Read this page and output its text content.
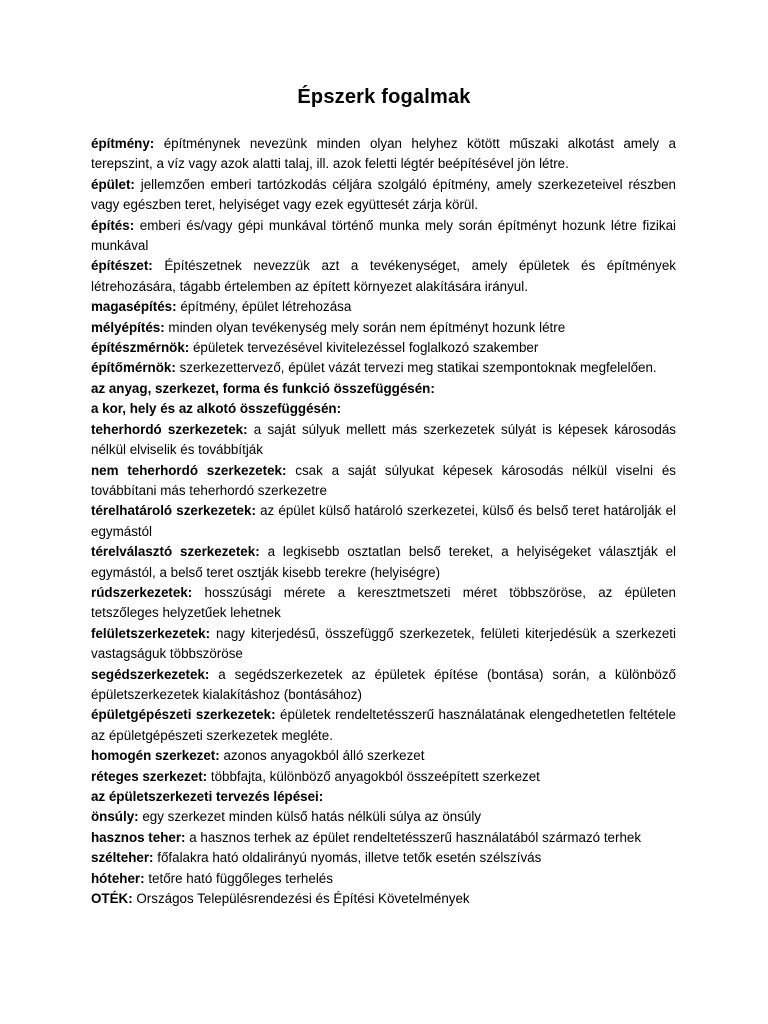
Épszerk fogalmak

építmény: építménynek nevezünk minden olyan helyhez kötött műszaki alkotást amely a terepszint, a víz vagy azok alatti talaj, ill. azok feletti légtér beépítésével jön létre.

épület: jellemzően emberi tartózkodás céljára szolgáló építmény, amely szerkezeteivel részben vagy egészben teret, helyiséget vagy ezek együttesét zárja körül.

építés: emberi és/vagy gépi munkával történő munka mely során építményt hozunk létre fizikai munkával

építészet: Építészetnek nevezzük azt a tevékenységet, amely épületek és építmények létrehozására, tágabb értelemben az épített környezet alakítására irányul.

magasépítés: építmény, épület létrehozása

mélyépítés: minden olyan tevékenység mely során nem építményt hozunk létre

építészmérnök: épületek tervezésével kivitelezéssel foglalkozó szakember

építőmérnök: szerkezettervező, épület vázát tervezi meg statikai szempontoknak megfelelően.

az anyag, szerkezet, forma és funkció összefüggésén:

a kor, hely és az alkotó összefüggésén:

teherhordó szerkezetek: a saját súlyuk mellett más szerkezetek súlyát is képesek károsodás nélkül elviselik és továbbítják

nem teherhordó szerkezetek: csak a saját súlyukat képesek károsodás nélkül viselni és továbbítani más teherhordó szerkezetre

térelhatároló szerkezetek: az épület külső határoló szerkezetei, külső és belső teret határolják el egymástól

térelválasztó szerkezetek: a legkisebb osztatlan belső tereket, a helyiségeket választják el egymástól, a belső teret osztják kisebb terekre (helyiségre)

rúdszerkezetek: hosszúsági mérete a keresztmetszeti méret többszöröse, az épületen tetszőleges helyzetűek lehetnek

felületszerkezetek: nagy kiterjedésű, összefüggő szerkezetek, felületi kiterjedésük a szerkezeti vastagságuk többszöröse

segédszerkezetek: a segédszerkezetek az épületek építése (bontása) során, a különböző épületszerkezetek kialakításhoz (bontásához)

épületgépészeti szerkezetek: épületek rendeltetésszerű használatának elengedhetetlen feltétele az épületgépészeti szerkezetek megléte.

homogén szerkezet: azonos anyagokból álló szerkezet

réteges szerkezet: többfajta, különböző anyagokból összeépített szerkezet

az épületszerkezeti tervezés lépései:

önsúly: egy szerkezet minden külső hatás nélküli súlya az önsúly

hasznos teher: a hasznos terhek az épület rendeltetésszerű használatából származó terhek

szélteher: főfalakra ható oldalirányú nyomás, illetve tetők esetén szélszívás

hóteher: tetőre ható függőleges terhelés

OTÉK: Országos Településrendezési és Építési Követelmények
